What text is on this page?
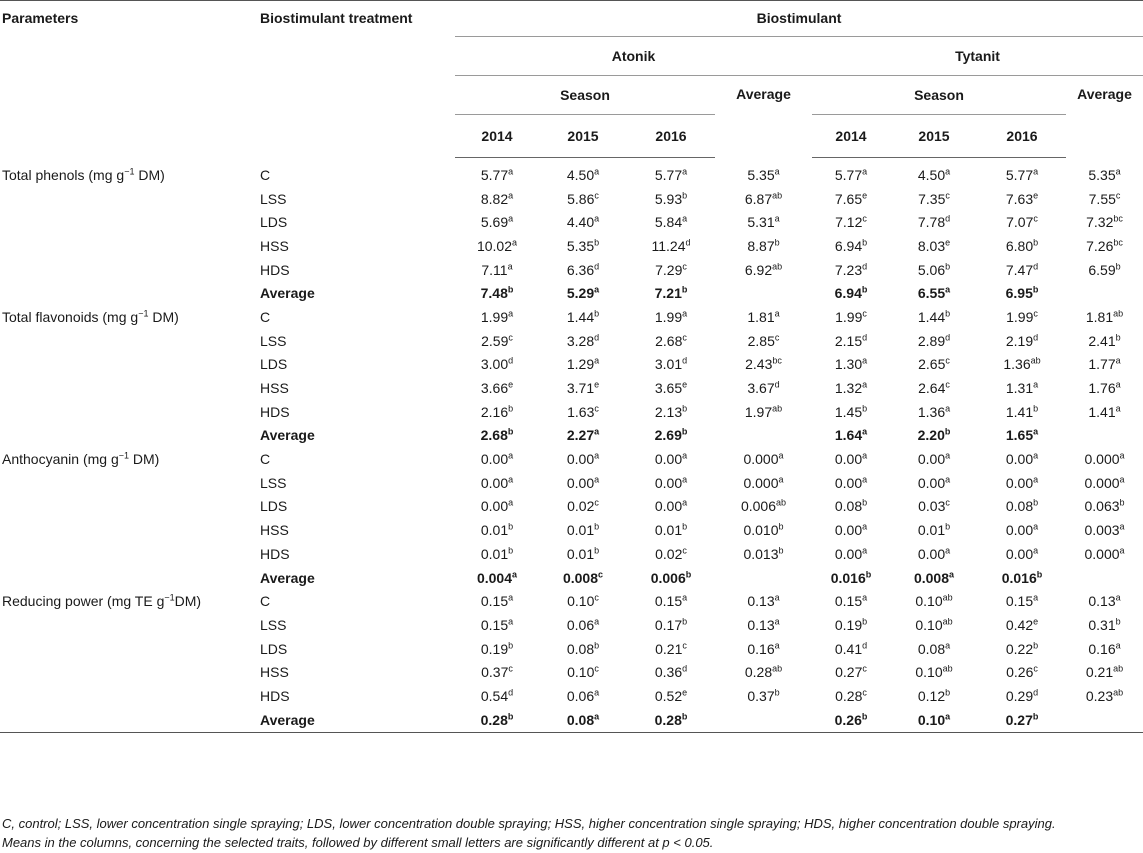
Parameters	Biostimulant treatment	Biostimulant							
		Atonik				Tytanit			
		Season			Average	Season			Average
		2014	2015	2016		2014	2015	2016	

Total phenols (mg $g^{-1}$ DM)	C	5.77$^a$	4.50$^a$	5.77$^a$	5.35$^a$	5.77$^a$	4.50$^a$	5.77$^a$	5.35$^a$
	LSS	8.82$^a$	5.86$^c$	5.93$^b$	6.87$^{ab}$	7.65e	7.35$^c$	7.63e	7.55$^c$
	LDS	5.69$^a$	4.40$^a$	5.84$^a$	5.31$^a$	7.12$^c$	7.78$^d$	7.07$^c$	7.32$^{bc}$
	HSS	10.02$^a$	5.35$^b$	11.24$^d$	8.87$^b$	6.94$^b$	8.03e	6.80$^b$	7.26$^{bc}$
	HDS	7.11$^a$	6.36$^d$	7.29$^c$	6.92$^{ab}$	7.23$^d$	5.06$^b$	7.47$^d$	6.59$^b$
	Average	7.48$^b$	5.29$^a$	7.21$^b$		6.94$^b$	6.55$^a$	6.95$^b$	
Total flavonoids (mg $g^{-1}$ DM)	C	1.99$^a$	1.44$^b$	1.99$^a$	1.81$^a$	1.99$^c$	1.44$^b$	1.99$^c$	1.81$^{ab}$
	LSS	2.59$^c$	3.28$^d$	2.68$^c$	2.85$^c$	2.15$^d$	2.89$^d$	2.19$^d$	2.41$^b$
	LDS	3.00$^d$	1.29$^a$	3.01$^d$	2.43$^{bc}$	1.30$^a$	2.65$^c$	1.36$^{ab}$	1.77$^a$
	HSS	3.66e	3.71e	3.65e	3.67$^d$	1.32$^a$	2.64$^c$	1.31$^a$	1.76$^a$
	HDS	2.16$^b$	1.63$^c$	2.13$^b$	1.97$^{ab}$	1.45$^b$	1.36$^a$	1.41$^b$	1.41$^a$
	Average	2.68$^b$	2.27$^a$	2.69$^b$		1.64$^a$	2.20$^b$	1.65$^a$	
Anthocyanin (mg $g^{-1}$ DM)	C	0.00$^a$	0.00$^a$	0.00$^a$	0.000$^a$	0.00$^a$	0.00$^a$	0.00$^a$	0.000$^a$
	LSS	0.00$^a$	0.00$^a$	0.00$^a$	0.000$^a$	0.00$^a$	0.00$^a$	0.00$^a$	0.000$^a$
	LDS	0.00$^a$	0.02$^c$	0.00$^a$	0.006$^{ab}$	0.08$^b$	0.03$^c$	0.08$^b$	0.063$^b$
	HSS	0.01$^b$	0.01$^b$	0.01$^b$	0.010$^b$	0.00$^a$	0.01$^b$	0.00$^a$	0.003$^a$
	HDS	0.01$^b$	0.01$^b$	0.02$^c$	0.013$^b$	0.00$^a$	0.00$^a$	0.00$^a$	0.000$^a$
	Average	0.004$^a$	0.008$^c$	0.006$^b$		0.016$^b$	0.008$^a$	0.016$^b$	
Reducing power (mg TE $g^{-1}DM$)	C	0.15$^a$	0.10$^c$	0.15$^a$	0.13$^a$	0.15$^a$	0.10$^{ab}$	0.15$^a$	0.13$^a$
	LSS	0.15$^a$	0.06$^a$	0.17$^b$	0.13$^a$	0.19$^b$	0.10$^{ab}$	0.42e	0.31$^b$
	LDS	0.19$^b$	0.08$^b$	0.21$^c$	0.16$^a$	0.41$^d$	0.08$^a$	0.22$^b$	0.16$^a$
	HSS	0.37$^c$	0.10$^c$	0.36$^d$	0.28$^{ab}$	0.27$^c$	0.10$^{ab}$	0.26$^c$	0.21$^{ab}$
	HDS	0.54$^d$	0.06$^a$	0.52e	0.37$^b$	0.28$^c$	0.12$^b$	0.29$^d$	0.23$^{ab}$
	Average	0.28$^b$	0.08$^a$	0.28$^b$		0.26$^b$	0.10$^a$	0.27$^b$	
C, control; LSS, lower concentration single spraying; LDS, lower concentration double spraying; HSS, higher concentration single spraying; HDS, higher concentration double spraying.
Means in the columns, concerning the selected traits, followed by different small letters are significantly different at p < 0.05.
